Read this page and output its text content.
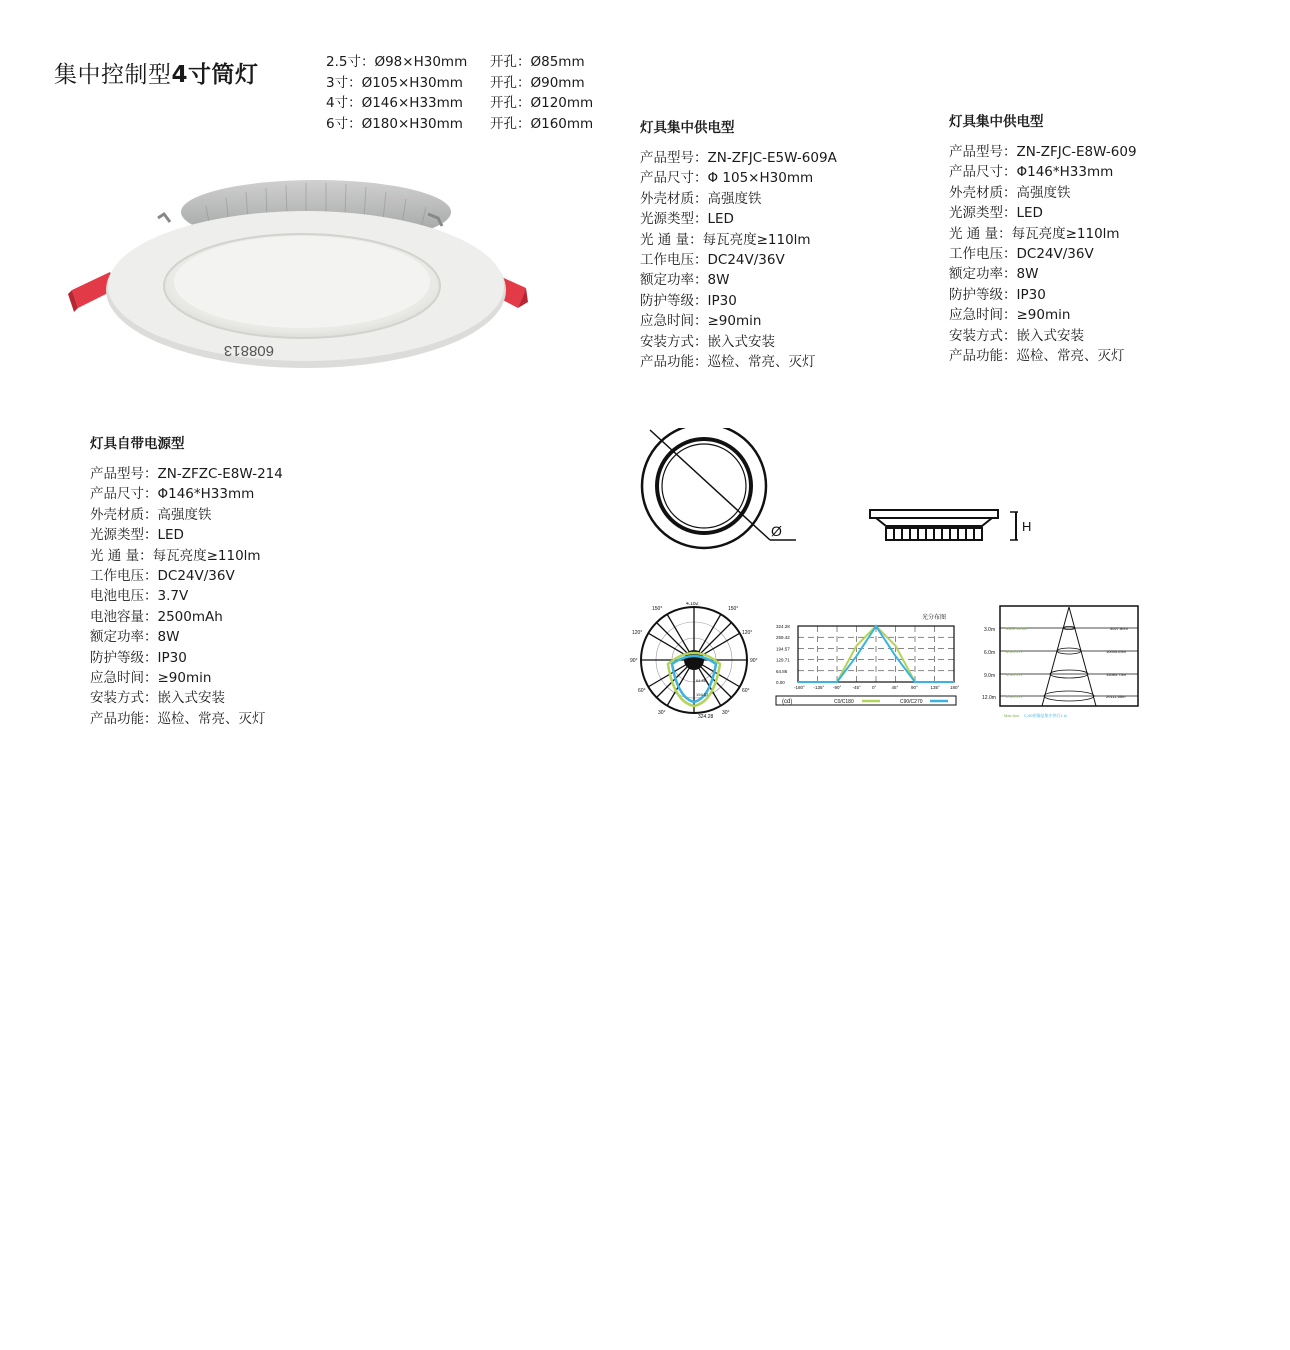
集中控制型4寸筒灯	2.5寸：Ø98×H30mm	开孔：Ø85mm
3寸：Ø105×H30mm	开孔：Ø90mm
4寸：Ø146×H33mm	开孔：Ø120mm
6寸：Ø180×H30mm	开孔：Ø160mm
608813
灯具集中供电型
产品型号：ZN-ZFJC-E5W-609A
产品尺寸：Φ 105×H30mm
外壳材质：高强度铁
光源类型：LED
光 通 量：每瓦亮度≥110lm
工作电压：DC24V/36V
额定功率：8W
防护等级：IP30
应急时间：≥90min
安装方式：嵌入式安装
产品功能：巡检、常亮、灭灯
灯具集中供电型
产品型号：ZN-ZFJC-E8W-609
产品尺寸：Φ146*H33mm
外壳材质：高强度铁
光源类型：LED
光 通 量：每瓦亮度≥110lm
工作电压：DC24V/36V
额定功率：8W
防护等级：IP30
应急时间：≥90min
安装方式：嵌入式安装
产品功能：巡检、常亮、灭灯
灯具自带电源型
产品型号：ZN-ZFZC-E8W-214
产品尺寸：Φ146*H33mm
外壳材质：高强度铁
光源类型：LED
光 通 量：每瓦亮度≥110lm
工作电压：DC24V/36V
电池电压：3.7V
电池容量：2500mAh
额定功率：8W
防护等级：IP30
应急时间：≥90min
安装方式：嵌入式安装
产品功能：巡检、常亮、灭灯
Ø	H
4.182
150°	150°
120°	120°
90°	90°
60°	60°
30°	30°
324.28
64.86
194.57
光分布图
324.28
259.42
194.57
129.71
64.86
0.00
-180° -135° -90° -45° 0°	45°	90°	135° 180°
(cd)	C0/C180	C90/C270
3.0m
6.0m
9.0m
12.0m
Eave:33.6lx
8.0/0.1 lx
4.0/0.1 lx
2.0/0.1 lx
5027.80m
10055.63m
15083.75m
20111.66m
Max Ave C-90图像是集中供灯1 lx
